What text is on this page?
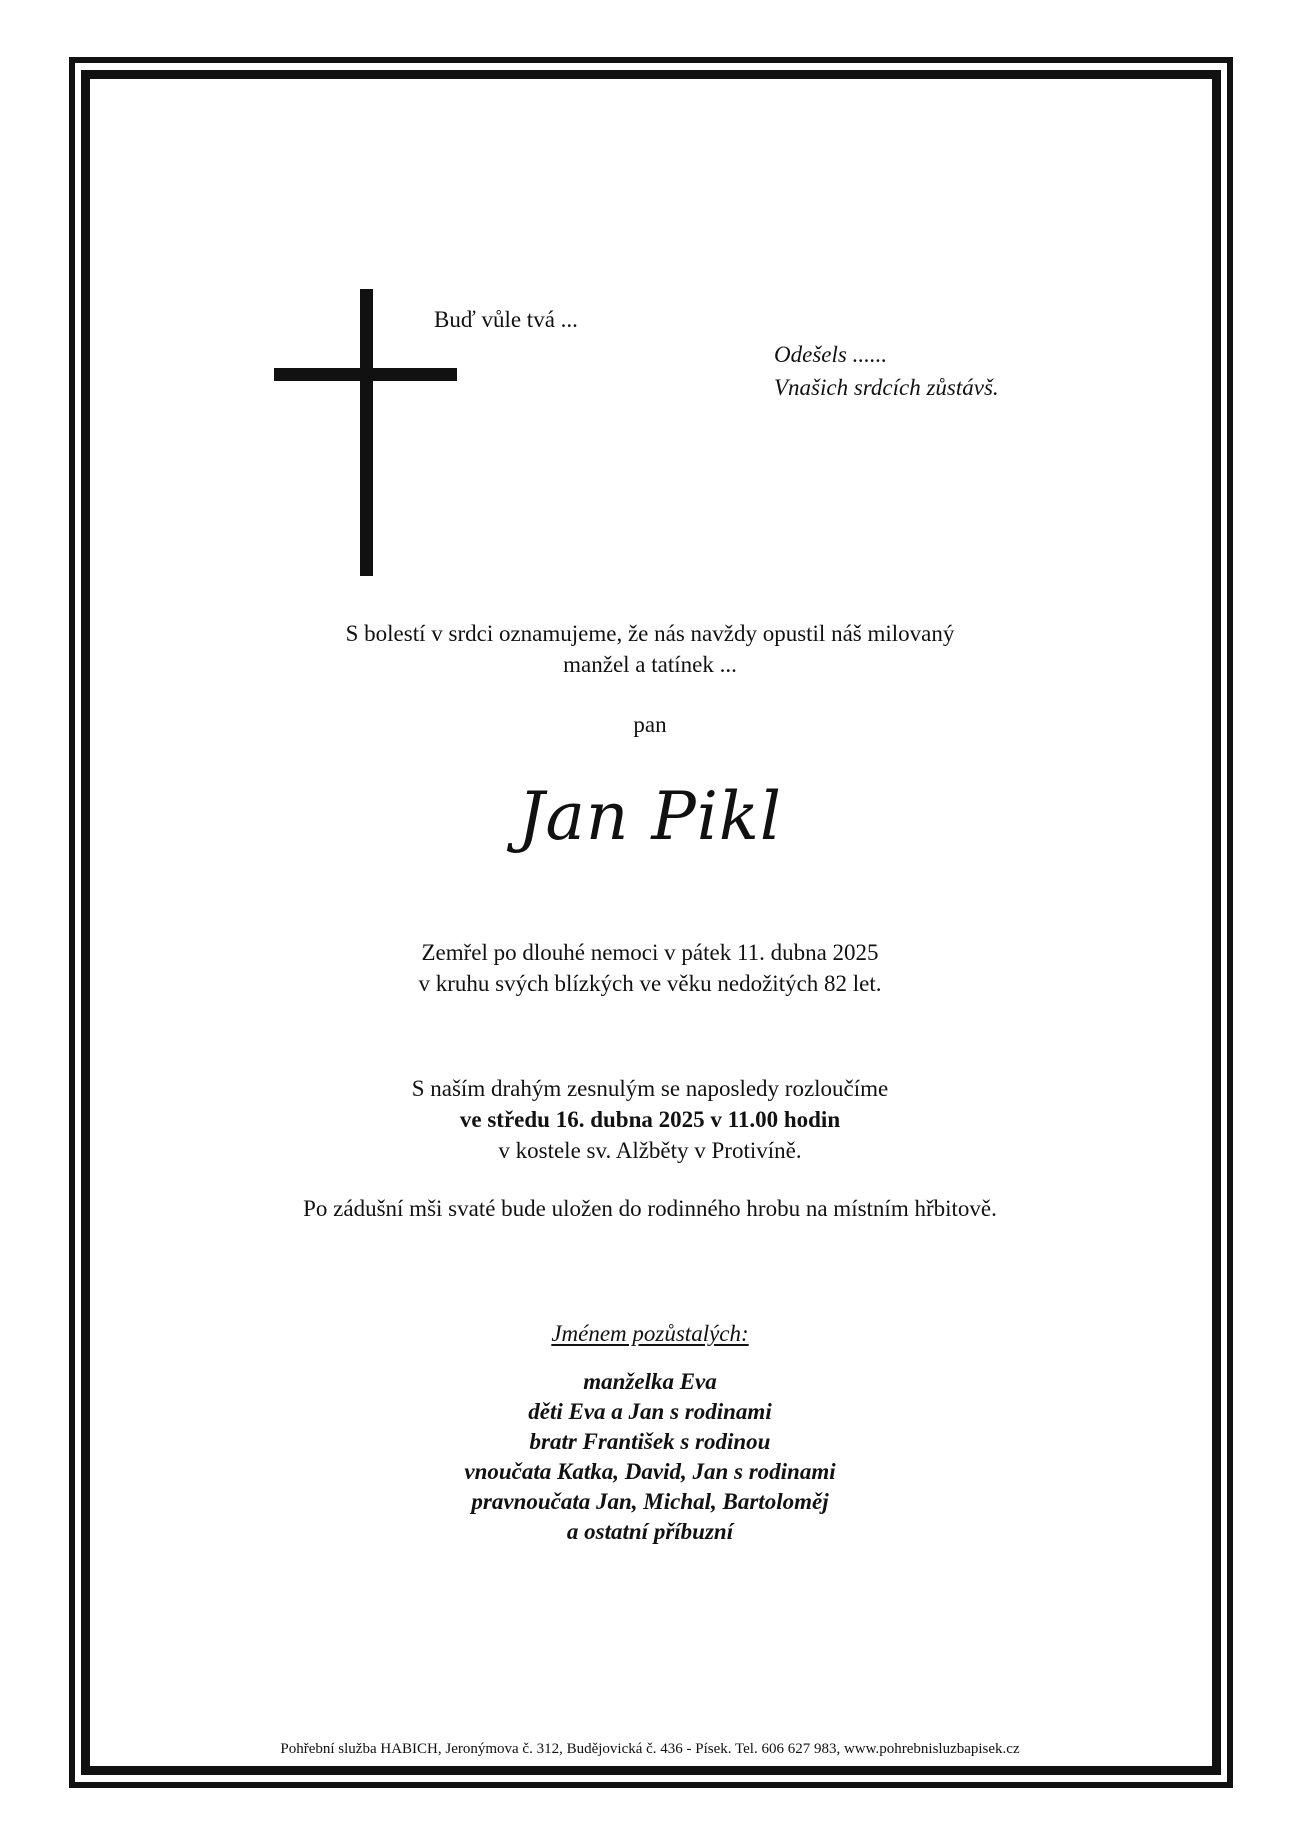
Buď vůle tvá ...
Odešels ......
Vnašich srdcích zůstávš.
S bolestí v srdci oznamujeme, že nás navždy opustil náš milovaný
manžel a tatínek ...
pan
Jan Pikl
Zemřel po dlouhé nemoci v pátek 11. dubna 2025
v kruhu svých blízkých ve věku nedožitých 82 let.
S naším drahým zesnulým se naposledy rozloučíme
ve středu 16. dubna 2025 v 11.00 hodin
v kostele sv. Alžběty v Protivíně.
Po zádušní mši svaté bude uložen do rodinného hrobu na místním hřbitově.
Jménem pozůstalých:
manželka Eva
děti Eva a Jan s rodinami
bratr František s rodinou
vnoučata Katka, David, Jan s rodinami
pravnoučata Jan, Michal, Bartoloměj
a ostatní příbuzní
Pohřební služba HABICH, Jeronýmova č. 312, Budějovická č. 436 - Písek. Tel. 606 627 983, www.pohrebnisluzbapisek.cz
